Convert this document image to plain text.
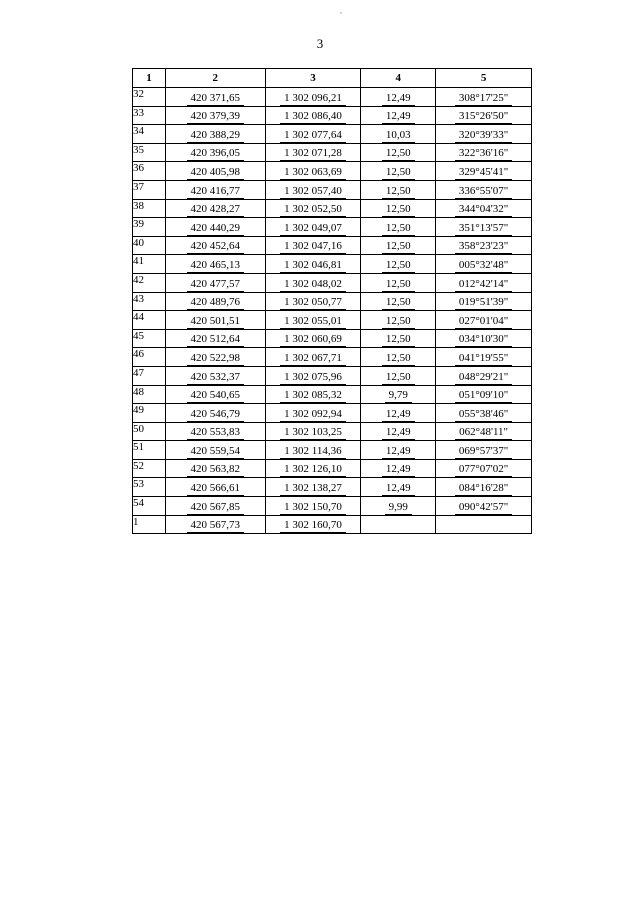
,
3
1	2	3	4	5
32	420 371,65	1 302 096,21	12,49	308°17'25"
33	420 379,39	1 302 086,40	12,49	315°26'50"
34	420 388,29	1 302 077,64	10,03	320°39'33"
35	420 396,05	1 302 071,28	12,50	322°36'16"
36	420 405,98	1 302 063,69	12,50	329°45'41"
37	420 416,77	1 302 057,40	12,50	336°55'07"
38	420 428,27	1 302 052,50	12,50	344°04'32"
39	420 440,29	1 302 049,07	12,50	351°13'57"
40	420 452,64	1 302 047,16	12,50	358°23'23"
41	420 465,13	1 302 046,81	12,50	005°32'48"
42	420 477,57	1 302 048,02	12,50	012°42'14"
43	420 489,76	1 302 050,77	12,50	019°51'39"
44	420 501,51	1 302 055,01	12,50	027°01'04"
45	420 512,64	1 302 060,69	12,50	034°10'30"
46	420 522,98	1 302 067,71	12,50	041°19'55"
47	420 532,37	1 302 075,96	12,50	048°29'21"
48	420 540,65	1 302 085,32	9,79	051°09'10"
49	420 546,79	1 302 092,94	12,49	055°38'46"
50	420 553,83	1 302 103,25	12,49	062°48'11"
51	420 559,54	1 302 114,36	12,49	069°57'37"
52	420 563,82	1 302 126,10	12,49	077°07'02"
53	420 566,61	1 302 138,27	12,49	084°16'28"
54	420 567,85	1 302 150,70	9,99	090°42'57"
1	420 567,73	1 302 160,70		
